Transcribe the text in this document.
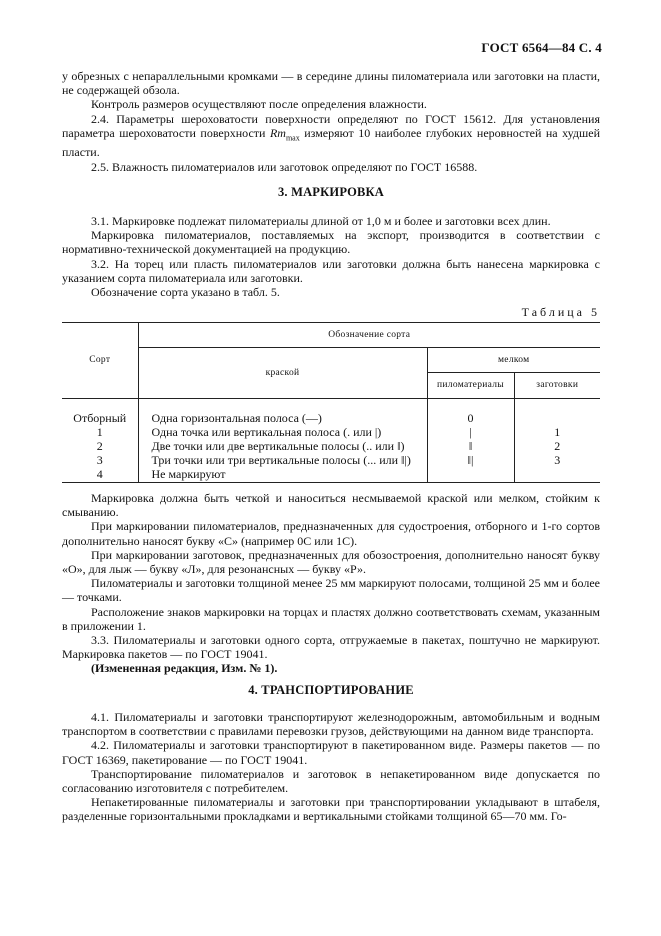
ГОСТ 6564—84 С. 4

у обрезных с непараллельными кромками — в середине длины пиломатериала или заготовки на пласти, не содержащей обзола.

Контроль размеров осуществляют после определения влажности.

2.4. Параметры шероховатости поверхности определяют по ГОСТ 15612. Для установления параметра шероховатости поверхности $Rm_{max}$ измеряют 10 наиболее глубоких неровностей на худшей пласти.

2.5. Влажность пиломатериалов или заготовок определяют по ГОСТ 16588.

3. МАРКИРОВКА

3.1. Маркировке подлежат пиломатериалы длиной от 1,0 м и более и заготовки всех длин.

Маркировка пиломатериалов, поставляемых на экспорт, производится в соответствии с нормативно-технической документацией на продукцию.

3.2. На торец или пласть пиломатериалов или заготовки должна быть нанесена маркировка с указанием сорта пиломатериала или заготовки.

Обозначение сорта указано в табл. 5.

Таблица 5

Сорт	Обозначение сорта		
	краской	мелком	
		пиломатериалы	заготовки

Отборный	Одна горизонтальная полоса (—)	0	
1	Одна точка или вертикальная полоса (. или |)	|	1
2	Две точки или две вертикальные полосы (.. или ‖)	‖	2
3	Три точки или три вертикальные полосы (... или ‖|)	‖|	3
4	Не маркируют		

Маркировка должна быть четкой и наноситься несмываемой краской или мелком, стойким к смыванию.

При маркировании пиломатериалов, предназначенных для судостроения, отборного и 1-го сортов дополнительно наносят букву «С» (например 0С или 1С).

При маркировании заготовок, предназначенных для обозостроения, дополнительно наносят букву «О», для лыж — букву «Л», для резонансных — букву «Р».

Пиломатериалы и заготовки толщиной менее 25 мм маркируют полосами, толщиной 25 мм и более — точками.

Расположение знаков маркировки на торцах и пластях должно соответствовать схемам, указанным в приложении 1.

3.3. Пиломатериалы и заготовки одного сорта, отгружаемые в пакетах, поштучно не маркируют. Маркировка пакетов — по ГОСТ 19041.

(Измененная редакция, Изм. № 1).

4. ТРАНСПОРТИРОВАНИЕ

4.1. Пиломатериалы и заготовки транспортируют железнодорожным, автомобильным и водным транспортом в соответствии с правилами перевозки грузов, действующими на данном виде транспорта.

4.2. Пиломатериалы и заготовки транспортируют в пакетированном виде. Размеры пакетов — по ГОСТ 16369, пакетирование — по ГОСТ 19041.

Транспортирование пиломатериалов и заготовок в непакетированном виде допускается по согласованию изготовителя с потребителем.

Непакетированные пиломатериалы и заготовки при транспортировании укладывают в штабеля, разделенные горизонтальными прокладками и вертикальными стойками толщиной 65—70 мм. Го-
